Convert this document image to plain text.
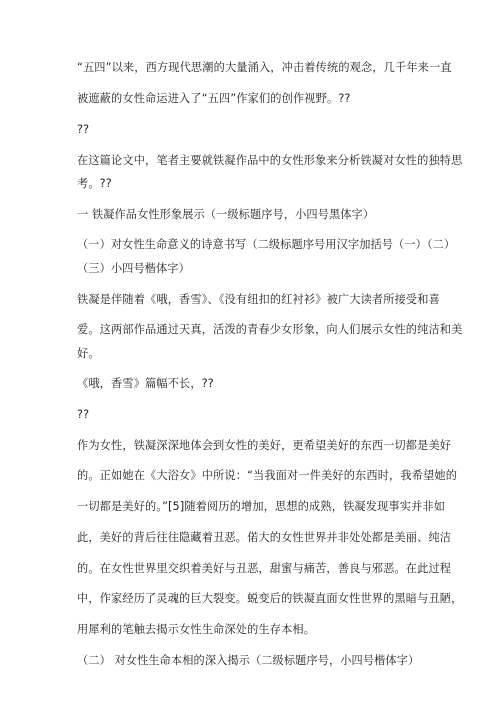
“五四”以来，西方现代思潮的大量涌入，冲击着传统的观念，几千年来一直
被遮蔽的女性命运进入了“五四”作家们的创作视野。??
??
在这篇论文中，笔者主要就铁凝作品中的女性形象来分析铁凝对女性的独特思
考。??
一 铁凝作品女性形象展示（一级标题序号，小四号黑体字）
（一）对女性生命意义的诗意书写（二级标题序号用汉字加括号（一）（二）
（三）小四号楷体字）
铁凝是伴随着《哦，香雪》、《没有纽扣的红衬衫》被广大读者所接受和喜
爱。这两部作品通过天真，活泼的青春少女形象，向人们展示女性的纯洁和美
好。
《哦，香雪》篇幅不长，??
??
作为女性，铁凝深深地体会到女性的美好，更希望美好的东西一切都是美好
的。正如她在《大浴女》中所说：“当我面对一件美好的东西时，我希望她的
一切都是美好的。”[5]随着阅历的增加，思想的成熟，铁凝发现事实并非如
此，美好的背后往往隐藏着丑恶。偌大的女性世界并非处处都是美丽、纯洁
的。在女性世界里交织着美好与丑恶，甜蜜与痛苦，善良与邪恶。在此过程
中，作家经历了灵魂的巨大裂变。蜕变后的铁凝直面女性世界的黑暗与丑陋，
用犀利的笔触去揭示女性生命深处的生存本相。
（二） 对女性生命本相的深入揭示（二级标题序号，小四号楷体字）
